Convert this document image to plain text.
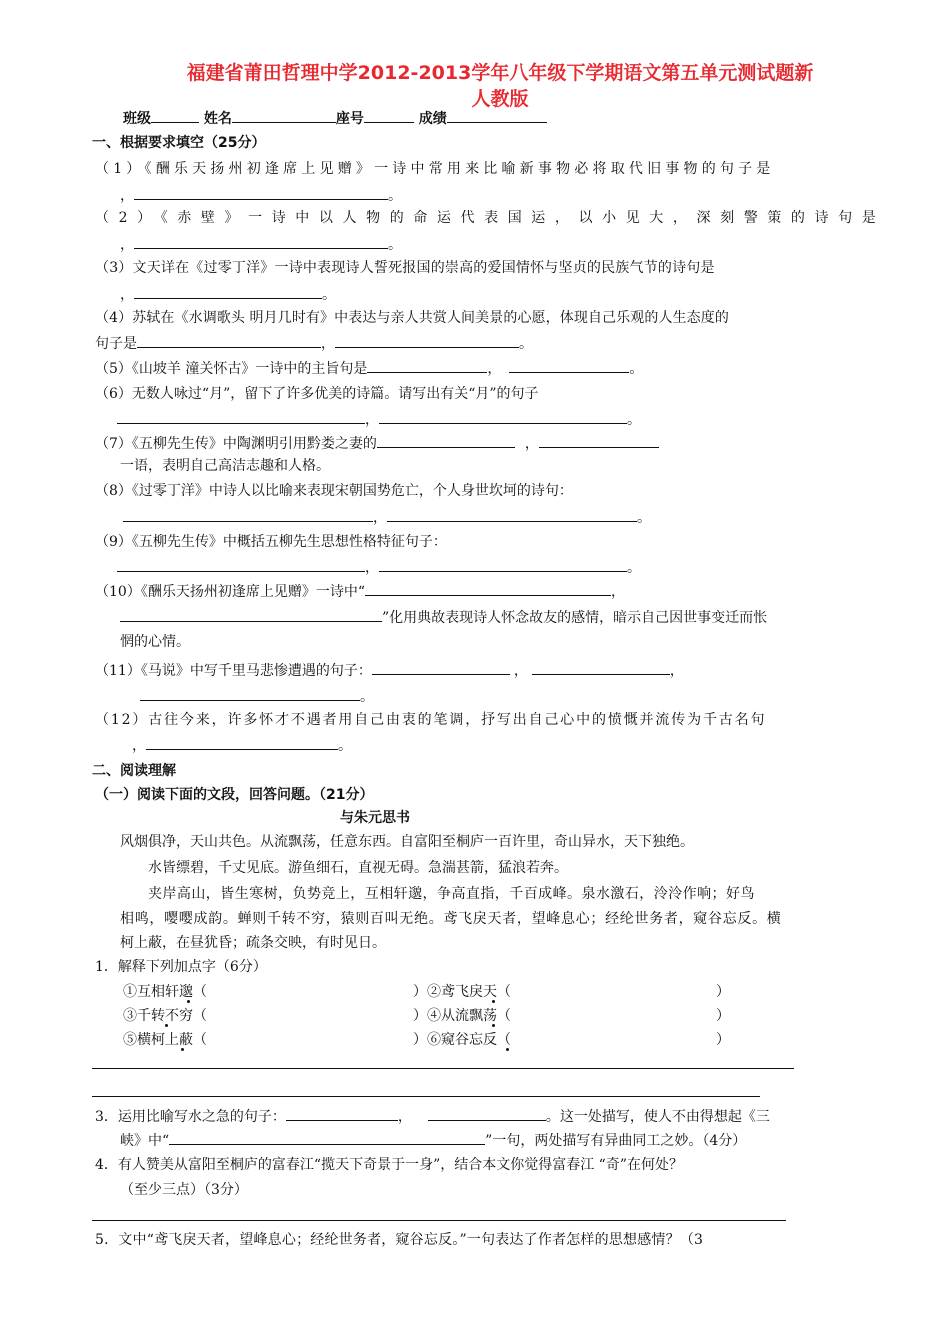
福建省莆田哲理中学2012-2013学年八年级下学期语文第五单元测试题新
人教版
班级	姓名	座号	成绩
一、根据要求填空（25分）
（1）《酬乐天扬州初逢席上见赠》一诗中常用来比喻新事物必将取代旧事物的句子是
，	。
（2）《赤壁》一诗中以人物的命运代表国运，以小见大，深刻警策的诗句是
，	。
（3）文天详在《过零丁洋》一诗中表现诗人誓死报国的崇高的爱国情怀与坚贞的民族气节的诗句是
，	。
（4）苏轼在《水调歌头 明月几时有》中表达与亲人共赏人间美景的心愿，体现自己乐观的人生态度的
句子是	，	。
（5）《山坡羊 潼关怀古》一诗中的主旨句是	，	。
（6）无数人咏过“月”，留下了许多优美的诗篇。请写出有关“月”的句子
，	。
（7）《五柳先生传》中陶渊明引用黔娄之妻的	，
一语，表明自己高洁志趣和人格。
（8）《过零丁洋》中诗人以比喻来表现宋朝国势危亡，个人身世坎坷的诗句：
，	。
（9）《五柳先生传》中概括五柳先生思想性格特征句子：
，	。
（10）《酬乐天扬州初逢席上见赠》一诗中“	，
”化用典故表现诗人怀念故友的感情，暗示自己因世事变迁而怅
惘的心情。
（11）《马说》中写千里马悲惨遭遇的句子：	，	，
。
（12）古往今来，许多怀才不遇者用自己由衷的笔调，抒写出自己心中的愤慨并流传为千古名句
，	。
二、阅读理解
（一）阅读下面的文段，回答问题。（21分）
与朱元思书
风烟俱净，天山共色。从流飘荡，任意东西。自富阳至桐庐一百许里，奇山异水，天下独绝。
水皆缥碧，千丈见底。游鱼细石，直视无碍。急湍甚箭，猛浪若奔。
夹岸高山，皆生寒树，负势竞上，互相轩邈，争高直指，千百成峰。泉水激石，泠泠作响；好鸟
相鸣，嘤嘤成韵。蝉则千转不穷，猿则百叫无绝。鸢飞戾天者，望峰息心；经纶世务者，窥谷忘反。横
柯上蔽，在昼犹昏；疏条交映，有时见日。
1．解释下列加点字（6分）
①互相轩邈（	）②鸢飞戾天（	）
③千转不穷（	）④从流飘荡（	）
⑤横柯上蔽（	）⑥窥谷忘反（	）
3．运用比喻写水之急的句子：	，	。这一处描写，使人不由得想起《三
峡》中“	”一句，两处描写有异曲同工之妙。（4分）
4．有人赞美从富阳至桐庐的富春江“揽天下奇景于一身”，结合本文你觉得富春江 “奇”在何处？
（至少三点）（3分）
5．文中“鸢飞戾天者，望峰息心；经纶世务者，窥谷忘反。”一句表达了作者怎样的思想感情？（3
